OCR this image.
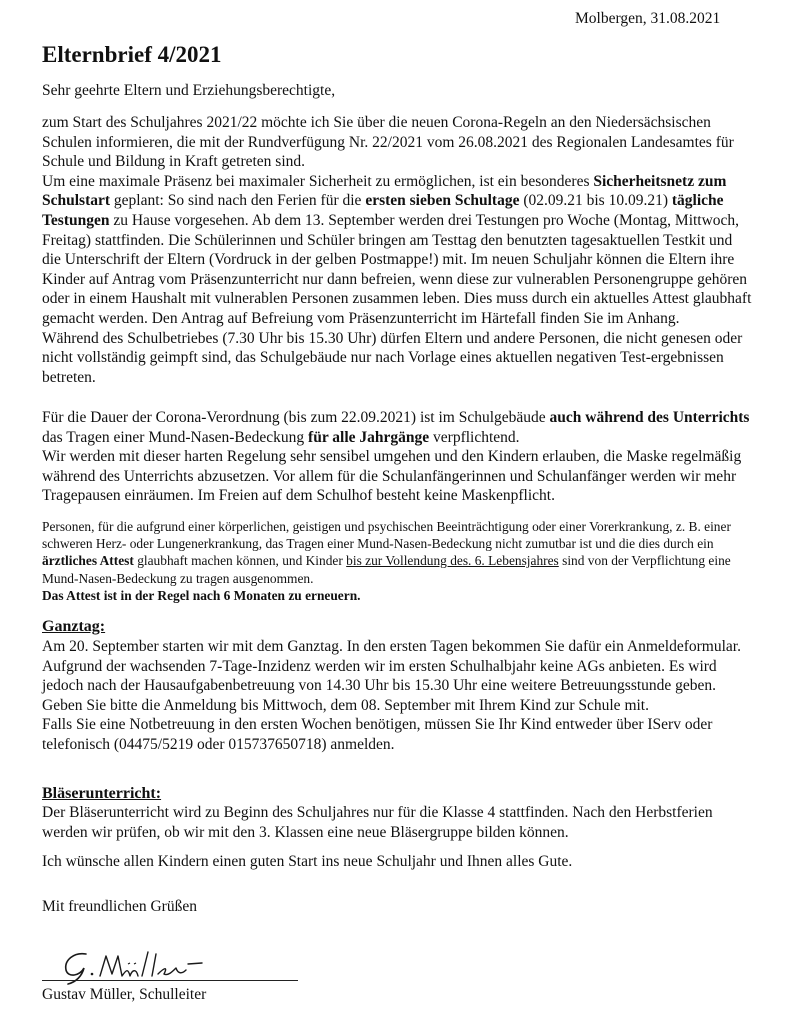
Molbergen, 31.08.2021
Elternbrief 4/2021
Sehr geehrte Eltern und Erziehungsberechtigte,
zum Start des Schuljahres 2021/22 möchte ich Sie über die neuen Corona-Regeln an den Niedersächsischen Schulen informieren, die mit der Rundverfügung Nr. 22/2021 vom 26.08.2021 des Regionalen Landesamtes für Schule und Bildung in Kraft getreten sind.
Um eine maximale Präsenz bei maximaler Sicherheit zu ermöglichen, ist ein besonderes Sicherheitsnetz zum Schulstart geplant: So sind nach den Ferien für die ersten sieben Schultage (02.09.21 bis 10.09.21) tägliche Testungen zu Hause vorgesehen. Ab dem 13. September werden drei Testungen pro Woche (Montag, Mittwoch, Freitag) stattfinden. Die Schülerinnen und Schüler bringen am Testtag den benutzten tagesaktuellen Testkit und die Unterschrift der Eltern (Vordruck in der gelben Postmappe!) mit. Im neuen Schuljahr können die Eltern ihre Kinder auf Antrag vom Präsenzunterricht nur dann befreien, wenn diese zur vulnerablen Personengruppe gehören oder in einem Haushalt mit vulnerablen Personen zusammen leben. Dies muss durch ein aktuelles Attest glaubhaft gemacht werden. Den Antrag auf Befreiung vom Präsenzunterricht im Härtefall finden Sie im Anhang.
Während des Schulbetriebes (7.30 Uhr bis 15.30 Uhr) dürfen Eltern und andere Personen, die nicht genesen oder nicht vollständig geimpft sind, das Schulgebäude nur nach Vorlage eines aktuellen negativen Test-ergebnissen betreten.
Für die Dauer der Corona-Verordnung (bis zum 22.09.2021) ist im Schulgebäude auch während des Unterrichts das Tragen einer Mund-Nasen-Bedeckung für alle Jahrgänge verpflichtend.
Wir werden mit dieser harten Regelung sehr sensibel umgehen und den Kindern erlauben, die Maske regelmäßig während des Unterrichts abzusetzen. Vor allem für die Schulanfängerinnen und Schulanfänger werden wir mehr Tragepausen einräumen. Im Freien auf dem Schulhof besteht keine Maskenpflicht.
Personen, für die aufgrund einer körperlichen, geistigen und psychischen Beeinträchtigung oder einer Vorerkrankung, z. B. einer schweren Herz- oder Lungenerkrankung, das Tragen einer Mund-Nasen-Bedeckung nicht zumutbar ist und die dies durch ein ärztliches Attest glaubhaft machen können, und Kinder bis zur Vollendung des. 6. Lebensjahres sind von der Verpflichtung eine Mund-Nasen-Bedeckung zu tragen ausgenommen.
Das Attest ist in der Regel nach 6 Monaten zu erneuern.
Ganztag:
Am 20. September starten wir mit dem Ganztag. In den ersten Tagen bekommen Sie dafür ein Anmeldeformular. Aufgrund der wachsenden 7-Tage-Inzidenz werden wir im ersten Schulhalbjahr keine AGs anbieten. Es wird jedoch nach der Hausaufgabenbetreuung von 14.30 Uhr bis 15.30 Uhr eine weitere Betreuungsstunde geben. Geben Sie bitte die Anmeldung bis Mittwoch, dem 08. September mit Ihrem Kind zur Schule mit.
Falls Sie eine Notbetreuung in den ersten Wochen benötigen, müssen Sie Ihr Kind entweder über IServ oder telefonisch (04475/5219 oder 015737650718) anmelden.
Bläserunterricht:
Der Bläserunterricht wird zu Beginn des Schuljahres nur für die Klasse 4 stattfinden. Nach den Herbstferien werden wir prüfen, ob wir mit den 3. Klassen eine neue Bläsergruppe bilden können.
Ich wünsche allen Kindern einen guten Start ins neue Schuljahr und Ihnen alles Gute.
Mit freundlichen Grüßen
Gustav Müller, Schulleiter
